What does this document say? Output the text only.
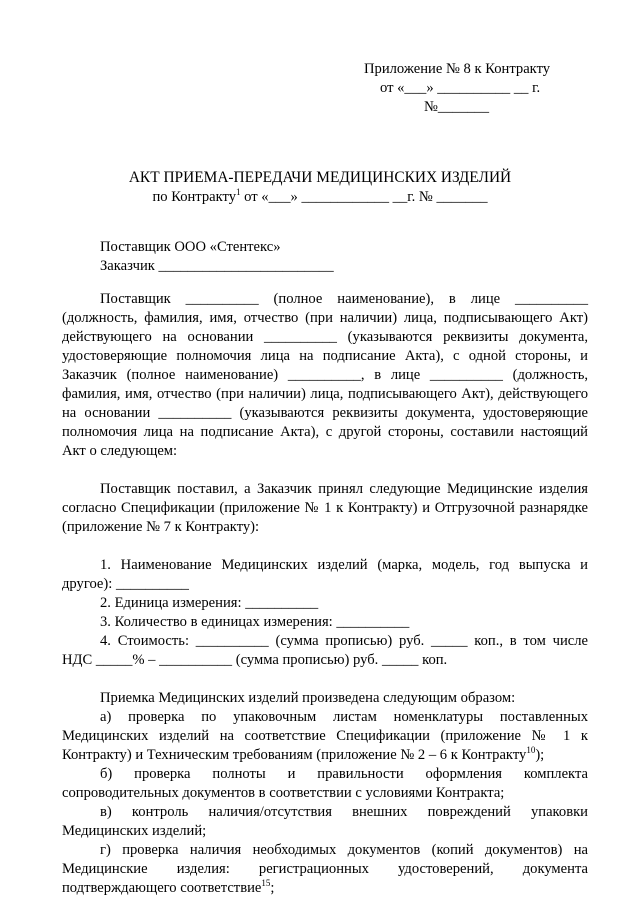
Приложение № 8 к Контракту
от «___» __________ __ г.
№_______
АКТ ПРИЕМА-ПЕРЕДАЧИ МЕДИЦИНСКИХ ИЗДЕЛИЙ
по Контракту$^1$ от «___» ____________ __г. № _______
Поставщик ООО «Стентекс»
Заказчик ________________________

Поставщик __________ (полное наименование), в лице __________ (должность, фамилия, имя, отчество (при наличии) лица, подписывающего Акт) действующего на основании __________ (указываются реквизиты документа, удостоверяющие полномочия лица на подписание Акта), с одной стороны, и Заказчик (полное наименование) __________, в лице __________ (должность, фамилия, имя, отчество (при наличии) лица, подписывающего Акт), действующего на основании __________ (указываются реквизиты документа, удостоверяющие полномочия лица на подписание Акта), с другой стороны, составили настоящий Акт о следующем:

Поставщик поставил, а Заказчик принял следующие Медицинские изделия согласно Спецификации (приложение № 1 к Контракту) и Отгрузочной разнарядке (приложение № 7 к Контракту):

1. Наименование Медицинских изделий (марка, модель, год выпуска и другое): __________

2. Единица измерения: __________

3. Количество в единицах измерения: __________

4. Стоимость: __________ (сумма прописью) руб. _____ коп., в том числе НДС _____% – __________ (сумма прописью) руб. _____ коп.

Приемка Медицинских изделий произведена следующим образом:

а) проверка по упаковочным листам номенклатуры поставленных Медицинских изделий на соответствие Спецификации (приложение № 1 к Контракту) и Техническим требованиям (приложение № 2 – 6 к Контракту$^{10}$);

б) проверка полноты и правильности оформления комплекта сопроводительных документов в соответствии с условиями Контракта;

в) контроль наличия/отсутствия внешних повреждений упаковки Медицинских изделий;

г) проверка наличия необходимых документов (копий документов) на Медицинские изделия: регистрационных удостоверений, документа подтверждающего соответствие$^{15}$;
